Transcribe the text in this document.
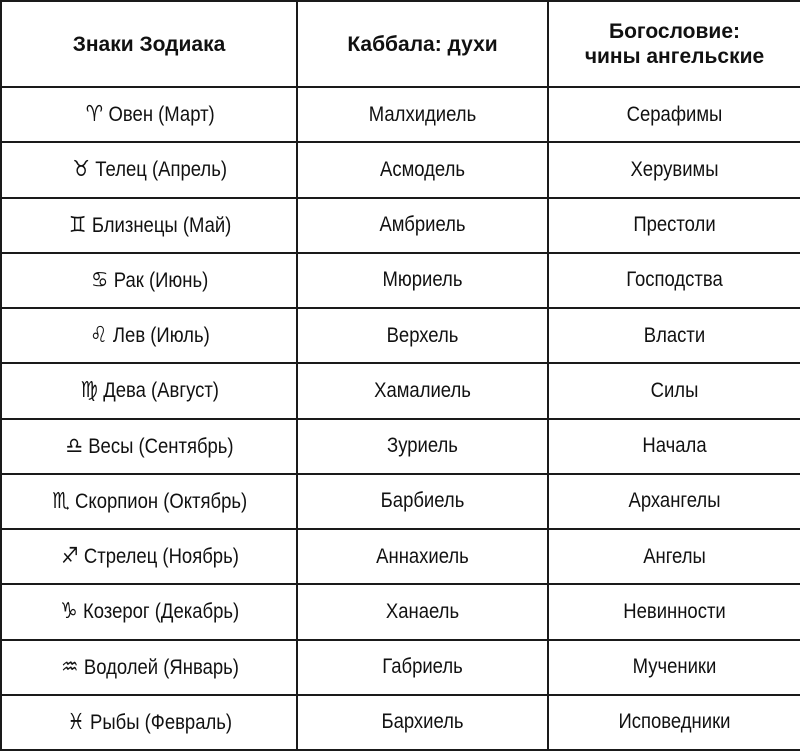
Знаки Зодиака	Каббала: духи	Богословие:
чины ангельские

♈ Овен (Март)	Малхидиель	Серафимы
♉ Телец (Апрель)	Асмодель	Херувимы
♊ Близнецы (Май)	Амбриель	Престоли
♋ Рак (Июнь)	Мюриель	Господства
♌ Лев (Июль)	Верхель	Власти
♍ Дева (Август)	Хамалиель	Силы
♎ Весы (Сентябрь)	Зуриель	Начала
♏ Скорпион (Октябрь)	Барбиель	Архангелы
♐ Стрелец (Ноябрь)	Аннахиель	Ангелы
♑ Козерог (Декабрь)	Ханаель	Невинности
♒ Водолей (Январь)	Габриель	Мученики
♓ Рыбы (Февраль)	Бархиель	Исповедники
